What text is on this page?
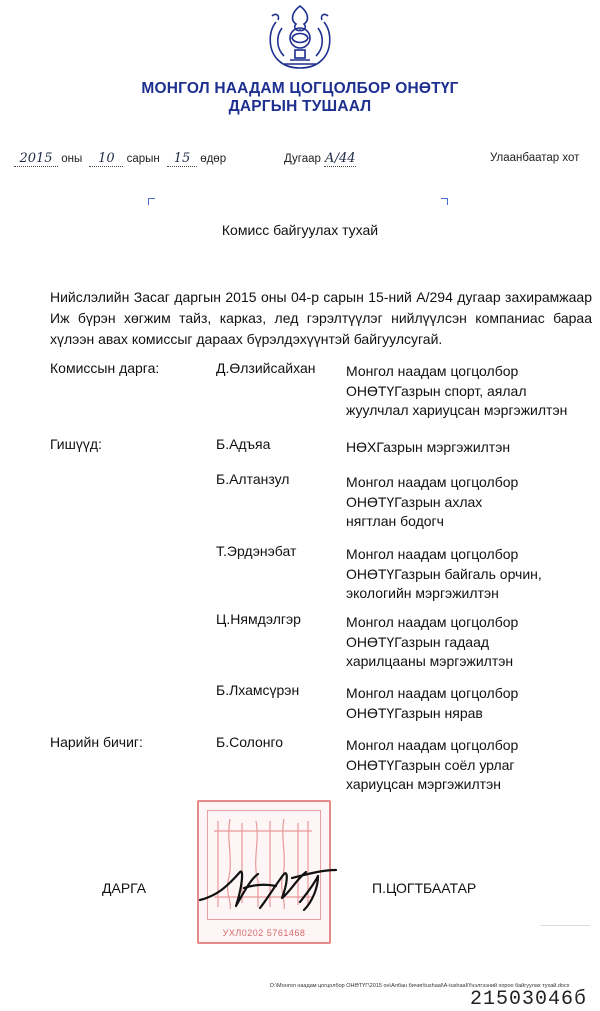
МОНГОЛ НААДАМ ЦОГЦОЛБОР ОНӨТҮГ
ДАРГЫН ТУШААЛ
2015 оны 10 сарын 15 өдөр	Дугаар А/44	Улаанбаатар хот
Комисс байгуулах тухай
Нийслэлийн Засаг даргын 2015 оны 04-р сарын 15-ний А/294 дугаар захирамжаар Иж бүрэн хөгжим тайз, карказ, лед гэрэлтүүлэг нийлүүлсэн компаниас бараа хүлээн авах комиссыг дараах бүрэлдэхүүнтэй байгуулсугай.
Комиссын дарга:	Д.Өлзийсайхан Монгол наадам цогцолбор
ОНӨТҮГазрын спорт, аялал
жуулчлал хариуцсан мэргэжилтэн
Гишүүд:	Б.Адъяа	НӨХГазрын мэргэжилтэн
Б.Алтанзул	Монгол наадам цогцолбор
ОНӨТҮГазрын ахлах
нягтлан бодогч
Т.Эрдэнэбат	Монгол наадам цогцолбор
ОНӨТҮГазрын байгаль орчин,
экологийн мэргэжилтэн
Ц.Нямдэлгэр	Монгол наадам цогцолбор
ОНӨТҮГазрын гадаад
харилцааны мэргэжилтэн
Б.Лхамсүрэн	Монгол наадам цогцолбор
ОНӨТҮГазрын нярав
Нарийн бичиг:	Б.Солонго	Монгол наадам цогцолбор
ОНӨТҮГазрын соёл урлаг
хариуцсан мэргэжилтэн
УХЛ0202 5761468
ДАРГА	П.ЦОГТБААТАР
D:\Монгол наадам цогцолбор ОНӨТҮГ\2015 он\Албан бичиг\tushaal\A-tushaal\Үнэлгээний хороо байгуулах тухай.docx
21503046б
